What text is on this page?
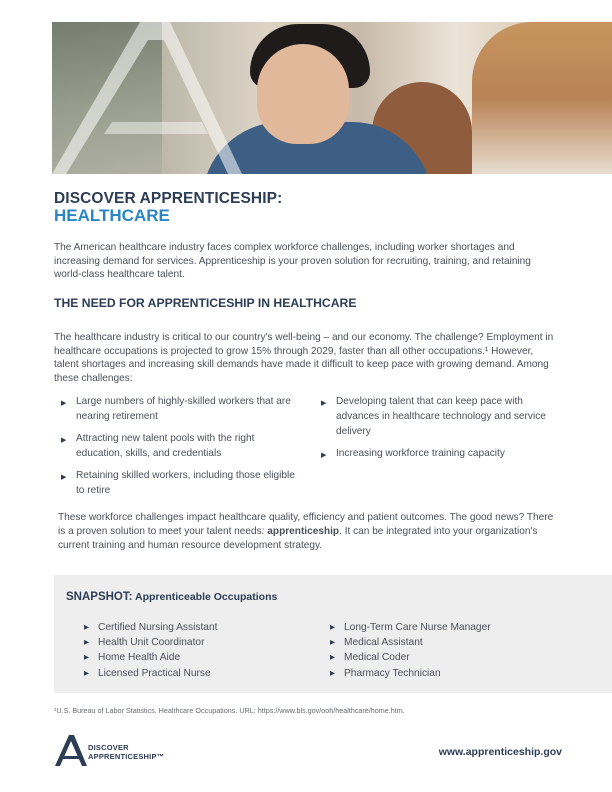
DISCOVER APPRENTICESHIP:
HEALTHCARE

The American healthcare industry faces complex workforce challenges, including worker shortages and increasing demand for services. Apprenticeship is your proven solution for recruiting, training, and retaining world-class healthcare talent.

THE NEED FOR APPRENTICESHIP IN HEALTHCARE

The healthcare industry is critical to our country's well-being – and our economy. The challenge? Employment in healthcare occupations is projected to grow 15% through 2029, faster than all other occupations.¹ However, talent shortages and increasing skill demands have made it difficult to keep pace with growing demand. Among these challenges:

▶ Large numbers of highly-skilled workers that are nearing retirement
▶ Attracting new talent pools with the right education, skills, and credentials
▶ Retaining skilled workers, including those eligible to retire
▶ Developing talent that can keep pace with advances in healthcare technology and service delivery
▶ Increasing workforce training capacity

These workforce challenges impact healthcare quality, efficiency and patient outcomes. The good news? There is a proven solution to meet your talent needs: apprenticeship. It can be integrated into your organization's current training and human resource development strategy.

SNAPSHOT: Apprenticeable Occupations

▶ Certified Nursing Assistant
▶ Health Unit Coordinator
▶ Home Health Aide
▶ Licensed Practical Nurse
▶ Long-Term Care Nurse Manager
▶ Medical Assistant
▶ Medical Coder
▶ Pharmacy Technician

¹U.S. Bureau of Labor Statistics. Healthcare Occupations. URL: https://www.bls.gov/ooh/healthcare/home.htm.

DISCOVER
APPRENTICESHIP™	www.apprenticeship.gov
